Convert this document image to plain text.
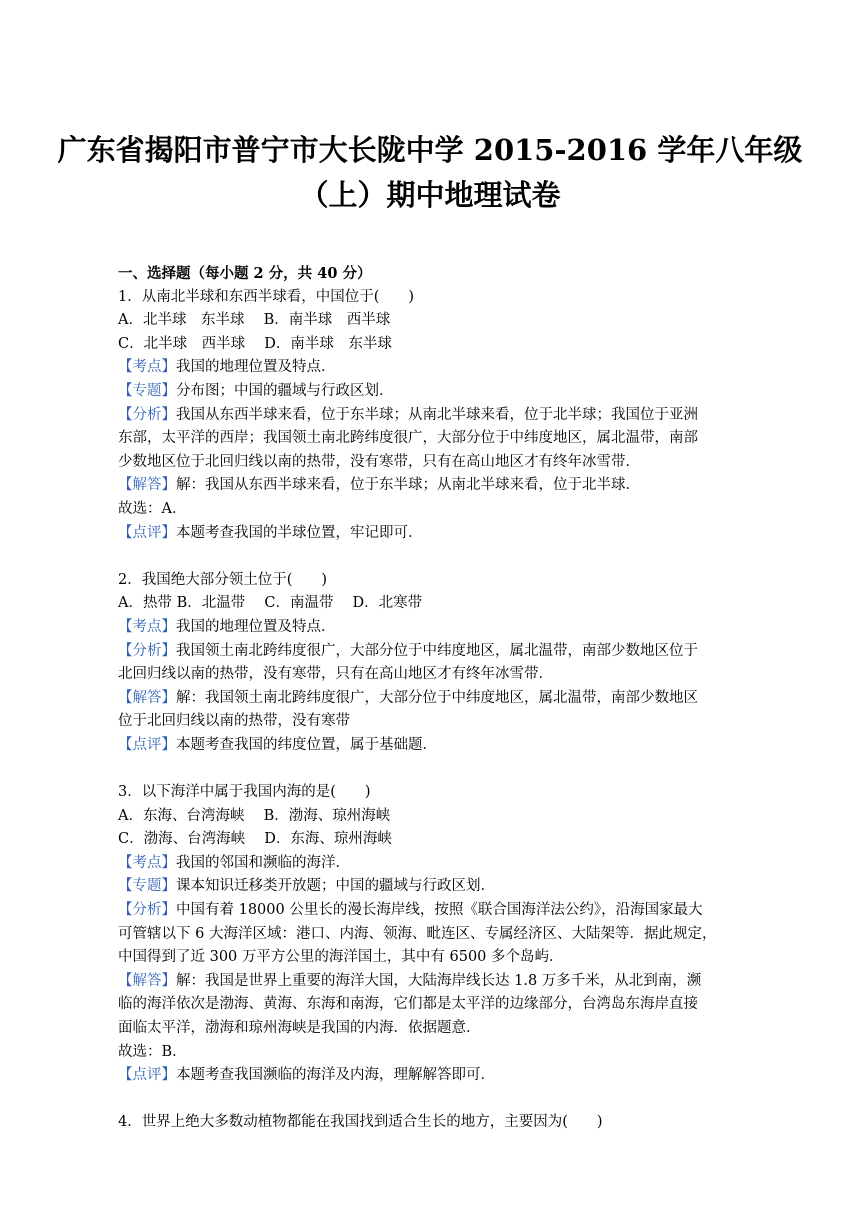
广东省揭阳市普宁市大长陇中学 2015-2016 学年八年级
（上）期中地理试卷
一、选择题（每小题 2 分，共 40 分）
1．从南北半球和东西半球看，中国位于(　　)
A．北半球　东半球　 B．南半球　西半球
C．北半球　西半球　 D．南半球　东半球
【考点】我国的地理位置及特点．
【专题】分布图；中国的疆域与行政区划．
【分析】我国从东西半球来看，位于东半球；从南北半球来看，位于北半球；我国位于亚洲
东部，太平洋的西岸；我国领土南北跨纬度很广，大部分位于中纬度地区，属北温带，南部
少数地区位于北回归线以南的热带，没有寒带，只有在高山地区才有终年冰雪带．
【解答】解：我国从东西半球来看，位于东半球；从南北半球来看，位于北半球．
故选：A．
【点评】本题考查我国的半球位置，牢记即可．
2．我国绝大部分领土位于(　　)
A．热带 B．北温带　 C．南温带　 D．北寒带
【考点】我国的地理位置及特点．
【分析】我国领土南北跨纬度很广，大部分位于中纬度地区，属北温带，南部少数地区位于
北回归线以南的热带，没有寒带，只有在高山地区才有终年冰雪带．
【解答】解：我国领土南北跨纬度很广，大部分位于中纬度地区，属北温带，南部少数地区
位于北回归线以南的热带，没有寒带
【点评】本题考查我国的纬度位置，属于基础题．
3．以下海洋中属于我国内海的是(　　)
A．东海、台湾海峡　 B．渤海、琼州海峡
C．渤海、台湾海峡　 D．东海、琼州海峡
【考点】我国的邻国和濒临的海洋．
【专题】课本知识迁移类开放题；中国的疆域与行政区划．
【分析】中国有着 18000 公里长的漫长海岸线，按照《联合国海洋法公约》，沿海国家最大
可管辖以下 6 大海洋区域：港口、内海、领海、毗连区、专属经济区、大陆架等．据此规定，
中国得到了近 300 万平方公里的海洋国土，其中有 6500 多个岛屿．
【解答】解：我国是世界上重要的海洋大国，大陆海岸线长达 1.8 万多千米，从北到南，濒
临的海洋依次是渤海、黄海、东海和南海，它们都是太平洋的边缘部分，台湾岛东海岸直接
面临太平洋，渤海和琼州海峡是我国的内海．依据题意．
故选：B．
【点评】本题考查我国濒临的海洋及内海，理解解答即可．
4．世界上绝大多数动植物都能在我国找到适合生长的地方，主要因为(　　)
